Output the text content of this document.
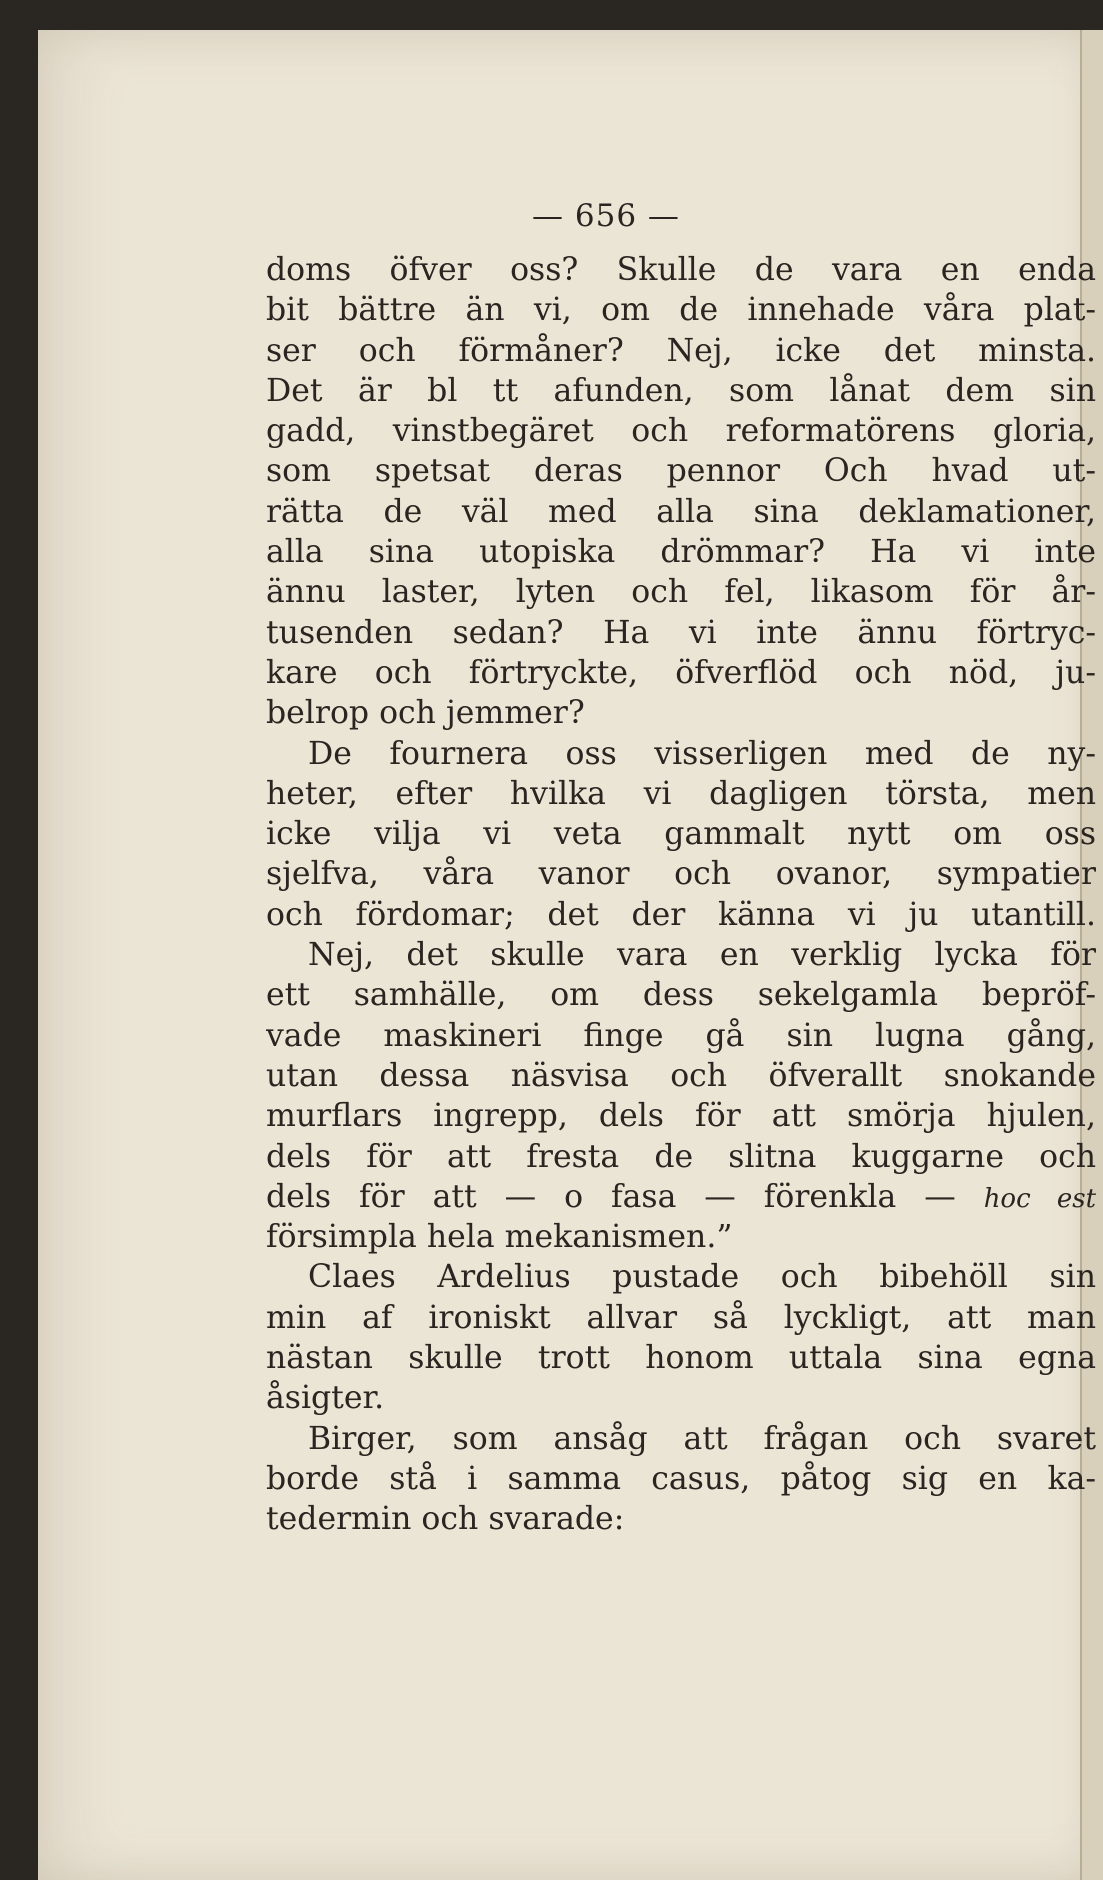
— 656 —
doms öfver oss? Skulle de vara en enda
bit bättre än vi, om de innehade våra plat-
ser och förmåner? Nej, icke det minsta.
Det är bl tt afunden, som lånat dem sin
gadd, vinstbegäret och reformatörens gloria,
som spetsat deras pennor Och hvad ut-
rätta de väl med alla sina deklamationer,
alla sina utopiska drömmar? Ha vi inte
ännu laster, lyten och fel, likasom för år-
tusenden sedan? Ha vi inte ännu förtryc-
kare och förtryckte, öfverflöd och nöd, ju-
belrop och jemmer?
De fournera oss visserligen med de ny-
heter, efter hvilka vi dagligen törsta, men
icke vilja vi veta gammalt nytt om oss
sjelfva, våra vanor och ovanor, sympatier
och fördomar; det der känna vi ju utantill.
Nej, det skulle vara en verklig lycka för
ett samhälle, om dess sekelgamla bepröf-
vade maskineri finge gå sin lugna gång,
utan dessa näsvisa och öfverallt snokande
murflars ingrepp, dels för att smörja hjulen,
dels för att fresta de slitna kuggarne och
dels för att — o fasa — förenkla — hoc est
försimpla hela mekanismen.”
Claes Ardelius pustade och bibehöll sin
min af ironiskt allvar så lyckligt, att man
nästan skulle trott honom uttala sina egna
åsigter.
Birger, som ansåg att frågan och svaret
borde stå i samma casus, påtog sig en ka-
tedermin och svarade:
